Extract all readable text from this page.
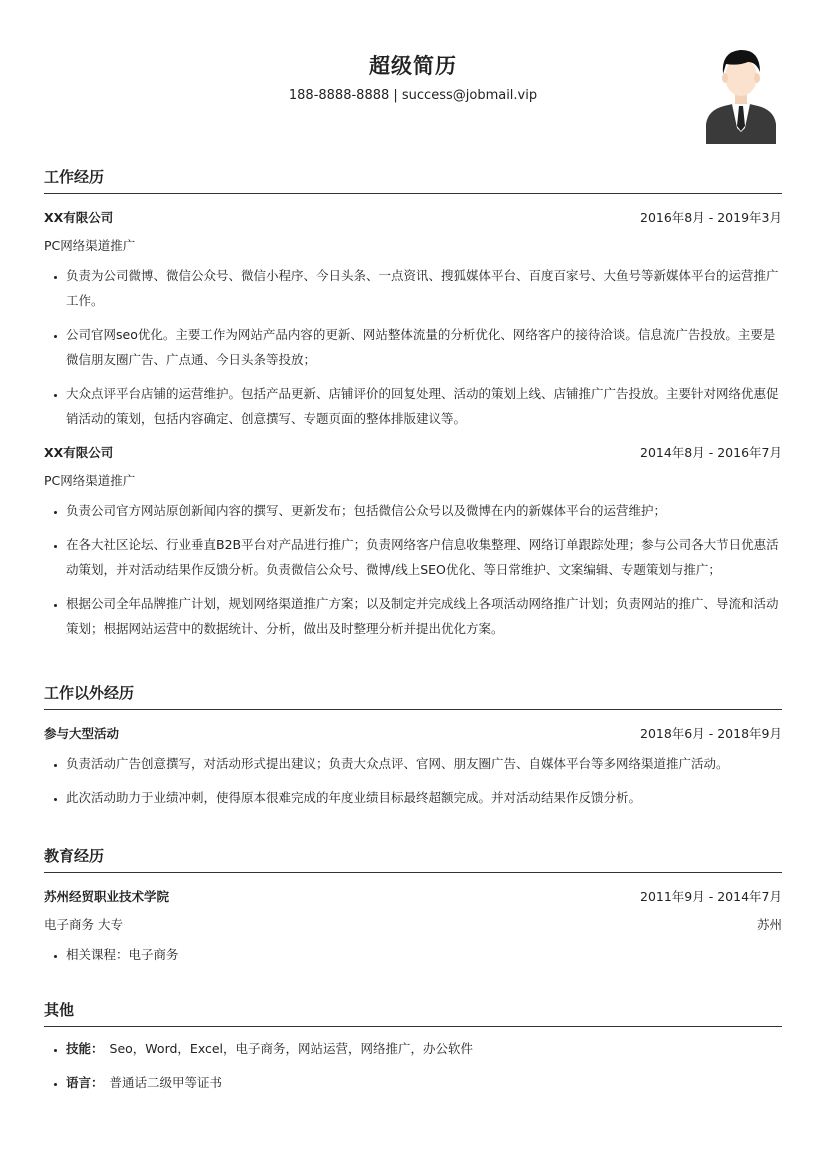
超级简历
188-8888-8888 | success@jobmail.vip
工作经历
XX有限公司	2016年8月 - 2019年3月
PC网络渠道推广
• 负责为公司微博、微信公众号、微信小程序、今日头条、一点资讯、搜狐媒体平台、百度百家号、大鱼号等新媒体平台的运营推广工作。
• 公司官网seo优化。主要工作为网站产品内容的更新、网站整体流量的分析优化、网络客户的接待洽谈。信息流广告投放。主要是微信朋友圈广告、广点通、今日头条等投放；
• 大众点评平台店铺的运营维护。包括产品更新、店铺评价的回复处理、活动的策划上线、店铺推广广告投放。主要针对网络优惠促销活动的策划，包括内容确定、创意撰写、专题页面的整体排版建议等。
XX有限公司	2014年8月 - 2016年7月
PC网络渠道推广
• 负责公司官方网站原创新闻内容的撰写、更新发布；包括微信公众号以及微博在内的新媒体平台的运营维护；
• 在各大社区论坛、行业垂直B2B平台对产品进行推广；负责网络客户信息收集整理、网络订单跟踪处理；参与公司各大节日优惠活动策划，并对活动结果作反馈分析。负责微信公众号、微博/线上SEO优化、等日常维护、文案编辑、专题策划与推广；
• 根据公司全年品牌推广计划，规划网络渠道推广方案；以及制定并完成线上各项活动网络推广计划；负责网站的推广、导流和活动策划；根据网站运营中的数据统计、分析，做出及时整理分析并提出优化方案。
工作以外经历
参与大型活动	2018年6月 - 2018年9月
• 负责活动广告创意撰写，对活动形式提出建议；负责大众点评、官网、朋友圈广告、自媒体平台等多网络渠道推广活动。
• 此次活动助力于业绩冲刺，使得原本很难完成的年度业绩目标最终超额完成。并对活动结果作反馈分析。
教育经历
苏州经贸职业技术学院	2011年9月 - 2014年7月
电子商务 大专	苏州
• 相关课程：电子商务
其他
• 技能： Seo，Word，Excel，电子商务，网站运营，网络推广，办公软件
• 语言： 普通话二级甲等证书
